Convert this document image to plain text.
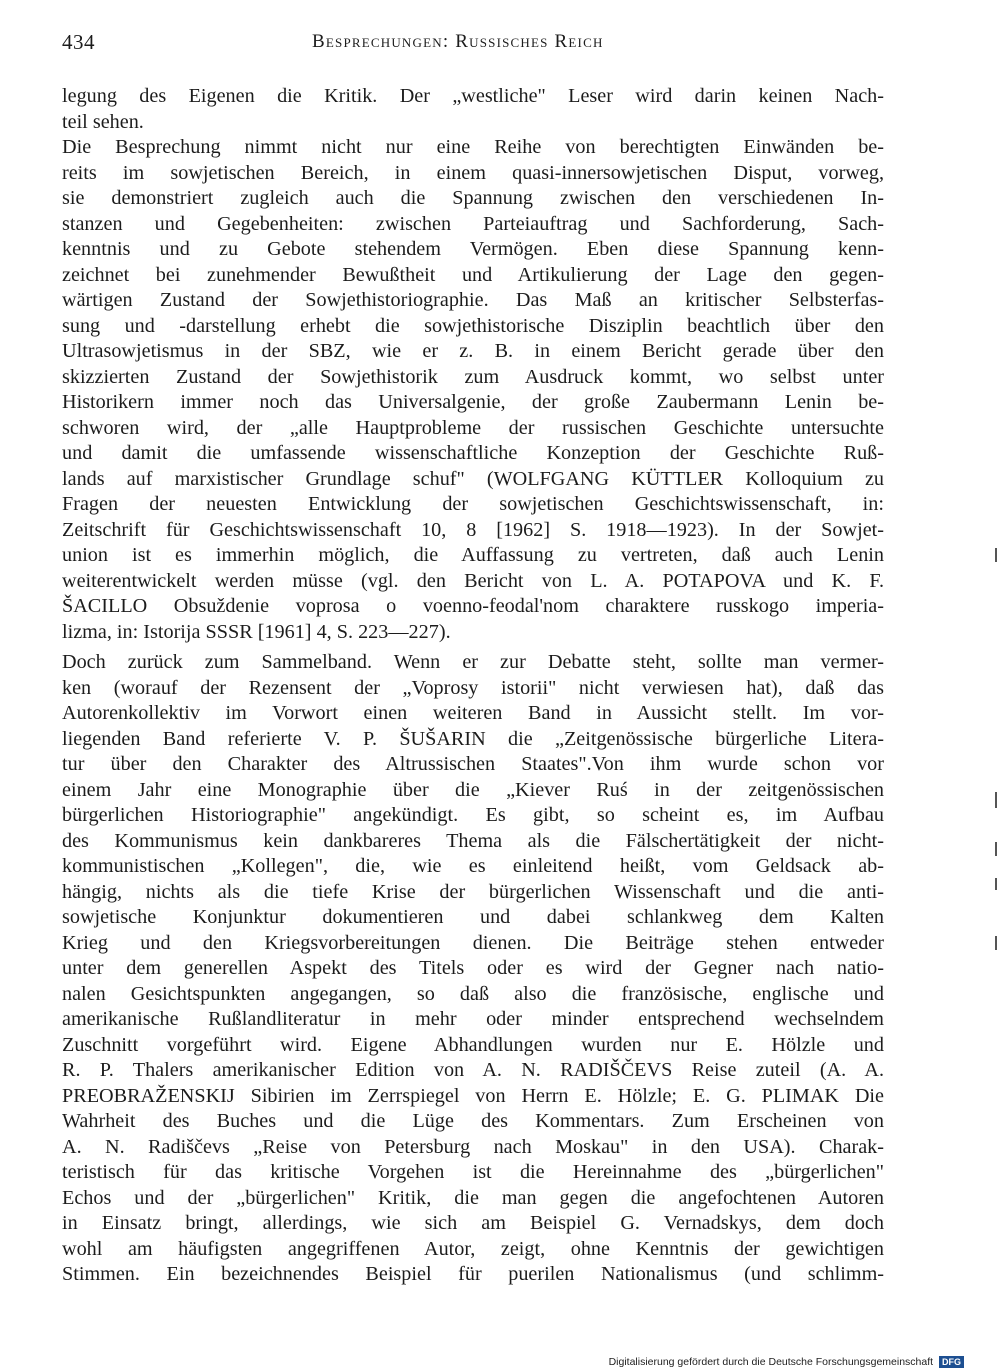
434	Besprechungen: Russisches Reich
legung des Eigenen die Kritik. Der „westliche" Leser wird darin keinen Nach-
teil sehen.
Die Besprechung nimmt nicht nur eine Reihe von berechtigten Einwänden be-
reits im sowjetischen Bereich, in einem quasi-innersowjetischen Disput, vorweg,
sie demonstriert zugleich auch die Spannung zwischen den verschiedenen In-
stanzen und Gegebenheiten: zwischen Parteiauftrag und Sachforderung, Sach-
kenntnis und zu Gebote stehendem Vermögen. Eben diese Spannung kenn-
zeichnet bei zunehmender Bewußtheit und Artikulierung der Lage den gegen-
wärtigen Zustand der Sowjethistoriographie. Das Maß an kritischer Selbsterfas-
sung und -darstellung erhebt die sowjethistorische Disziplin beachtlich über den
Ultrasowjetismus in der SBZ, wie er z. B. in einem Bericht gerade über den
skizzierten Zustand der Sowjethistorik zum Ausdruck kommt, wo selbst unter
Historikern immer noch das Universalgenie, der große Zaubermann Lenin be-
schworen wird, der „alle Hauptprobleme der russischen Geschichte untersuchte
und damit die umfassende wissenschaftliche Konzeption der Geschichte Ruß-
lands auf marxistischer Grundlage schuf" (WOLFGANG KÜTTLER Kolloquium zu
Fragen der neuesten Entwicklung der sowjetischen Geschichtswissenschaft, in:
Zeitschrift für Geschichtswissenschaft 10, 8 [1962] S. 1918—1923). In der Sowjet-
union ist es immerhin möglich, die Auffassung zu vertreten, daß auch Lenin
weiterentwickelt werden müsse (vgl. den Bericht von L. A. POTAPOVA und K. F.
ŠACILLO Obsuždenie voprosa o voenno-feodal'nom charaktere russkogo imperia-
lizma, in: Istorija SSSR [1961] 4, S. 223—227).
Doch zurück zum Sammelband. Wenn er zur Debatte steht, sollte man vermer-
ken (worauf der Rezensent der „Voprosy istorii" nicht verwiesen hat), daß das
Autorenkollektiv im Vorwort einen weiteren Band in Aussicht stellt. Im vor-
liegenden Band referierte V. P. ŠUŠARIN die „Zeitgenössische bürgerliche Litera-
tur über den Charakter des Altrussischen Staates".Von ihm wurde schon vor
einem Jahr eine Monographie über die „Kiever Ruś in der zeitgenössischen
bürgerlichen Historiographie" angekündigt. Es gibt, so scheint es, im Aufbau
des Kommunismus kein dankbareres Thema als die Fälschertätigkeit der nicht-
kommunistischen „Kollegen", die, wie es einleitend heißt, vom Geldsack ab-
hängig, nichts als die tiefe Krise der bürgerlichen Wissenschaft und die anti-
sowjetische Konjunktur dokumentieren und dabei schlankweg dem Kalten
Krieg und den Kriegsvorbereitungen dienen. Die Beiträge stehen entweder
unter dem generellen Aspekt des Titels oder es wird der Gegner nach natio-
nalen Gesichtspunkten angegangen, so daß also die französische, englische und
amerikanische Rußlandliteratur in mehr oder minder entsprechend wechselndem
Zuschnitt vorgeführt wird. Eigene Abhandlungen wurden nur E. Hölzle und
R. P. Thalers amerikanischer Edition von A. N. RADIŠČEVS Reise zuteil (A. A.
PREOBRAŽENSKIJ Sibirien im Zerrspiegel von Herrn E. Hölzle; E. G. PLIMAK Die
Wahrheit des Buches und die Lüge des Kommentars. Zum Erscheinen von
A. N. Radiščevs „Reise von Petersburg nach Moskau" in den USA). Charak-
teristisch für das kritische Vorgehen ist die Hereinnahme des „bürgerlichen"
Echos und der „bürgerlichen" Kritik, die man gegen die angefochtenen Autoren
in Einsatz bringt, allerdings, wie sich am Beispiel G. Vernadskys, dem doch
wohl am häufigsten angegriffenen Autor, zeigt, ohne Kenntnis der gewichtigen
Stimmen. Ein bezeichnendes Beispiel für puerilen Nationalismus (und schlimm-
Digitalisierung gefördert durch die Deutsche Forschungsgemeinschaft DFG
